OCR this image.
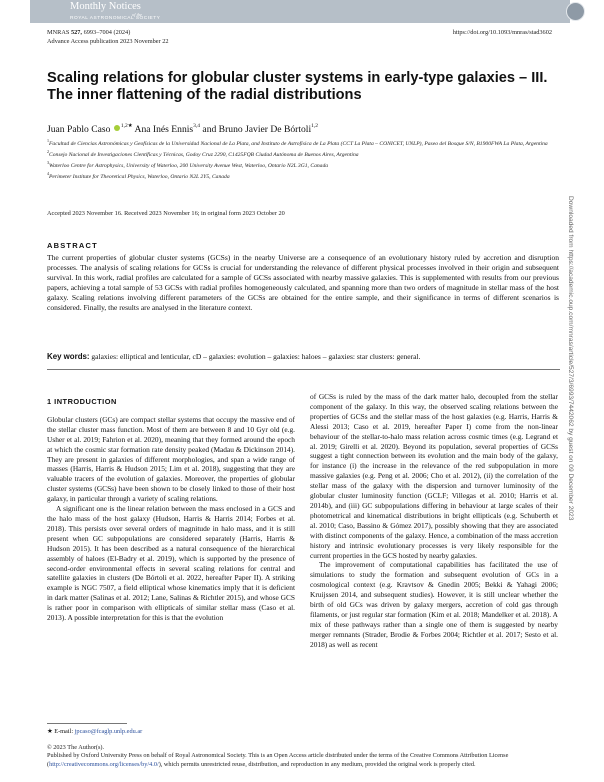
Monthly Notices
of the
ROYAL ASTRONOMICAL SOCIETY
Royal Astronomical Society
MNRAS 527, 6993–7004 (2024)	https://doi.org/10.1093/mnras/stad3602
Advance Access publication 2023 November 22
Scaling relations for globular cluster systems in early-type galaxies – III. The inner flattening of the radial distributions
Juan Pablo Caso $^{1,2★}$ Ana Inés Ennis$^{3,4}$ and Bruno Javier De Bórtoli$^{1,2}$
$^1$Facultad de Ciencias Astronómicas y Geofísicas de la Universidad Nacional de La Plata, and Instituto de Astrofísica de La Plata (CCT La Plata – CONICET, UNLP), Paseo del Bosque S/N, B1900FWA La Plata, Argentina
$^2$Consejo Nacional de Investigaciones Científicas y Técnicas, Godoy Cruz 2290, C1425FQB Ciudad Autónoma de Buenos Aires, Argentina
$^3$Waterloo Centre for Astrophysics, University of Waterloo, 200 University Avenue West, Waterloo, Ontario N2L 3G1, Canada
$^4$Perimeter Institute for Theoretical Physics, Waterloo, Ontario N2L 2Y5, Canada
Accepted 2023 November 16. Received 2023 November 16; in original form 2023 October 20
ABSTRACT

The current properties of globular cluster systems (GCSs) in the nearby Universe are a consequence of an evolutionary history ruled by accretion and disruption processes. The analysis of scaling relations for GCSs is crucial for understanding the relevance of different physical processes involved in their origin and subsequent survival. In this work, radial profiles are calculated for a sample of GCSs associated with nearby massive galaxies. This is supplemented with results from our previous papers, achieving a total sample of 53 GCSs with radial profiles homogeneously calculated, and spanning more than two orders of magnitude in stellar mass of the host galaxy. Scaling relations involving different parameters of the GCSs are obtained for the entire sample, and their significance in terms of different scenarios is considered. Finally, the results are analysed in the literature context.

Key words: galaxies: elliptical and lenticular, cD – galaxies: evolution – galaxies: haloes – galaxies: star clusters: general.
1 INTRODUCTION

Globular clusters (GCs) are compact stellar systems that occupy the massive end of the stellar cluster mass function. Most of them are between 8 and 10 Gyr old (e.g. Usher et al. 2019; Fahrion et al. 2020), meaning that they formed around the epoch at which the cosmic star formation rate density peaked (Madau & Dickinson 2014). They are present in galaxies of different morphologies, and span a wide range of masses (Harris, Harris & Hudson 2015; Lim et al. 2018), suggesting that they are valuable tracers of the evolution of galaxies. Moreover, the properties of globular cluster systems (GCSs) have been shown to be closely linked to those of their host galaxy, in particular through a variety of scaling relations.

A significant one is the linear relation between the mass enclosed in a GCS and the halo mass of the host galaxy (Hudson, Harris & Harris 2014; Forbes et al. 2018). This persists over several orders of magnitude in halo mass, and it is still present when GC subpopulations are considered separately (Harris, Harris & Hudson 2015). It has been described as a natural consequence of the hierarchical assembly of haloes (El-Badry et al. 2019), which is supported by the presence of second-order environmental effects in several scaling relations for central and satellite galaxies in clusters (De Bórtoli et al. 2022, hereafter Paper II). A striking example is NGC 7507, a field elliptical whose kinematics imply that it is deficient in dark matter (Salinas et al. 2012; Lane, Salinas & Richtler 2015), and whose GCS is rather poor in comparison with ellipticals of similar stellar mass (Caso et al. 2013). A possible interpretation for this is that the evolution

of GCSs is ruled by the mass of the dark matter halo, decoupled from the stellar component of the galaxy. In this way, the observed scaling relations between the properties of GCSs and the stellar mass of the host galaxies (e.g. Harris, Harris & Alessi 2013; Caso et al. 2019, hereafter Paper I) come from the non-linear behaviour of the stellar-to-halo mass relation across cosmic times (e.g. Legrand et al. 2019; Girelli et al. 2020). Beyond its population, several properties of GCSs suggest a tight connection between its evolution and the main body of the galaxy, for instance (i) the increase in the relevance of the red subpopulation in more massive galaxies (e.g. Peng et al. 2006; Cho et al. 2012), (ii) the correlation of the stellar mass of the galaxy with the dispersion and turnover luminosity of the globular cluster luminosity function (GCLF; Villegas et al. 2010; Harris et al. 2014b), and (iii) GC subpopulations differing in behaviour at large scales of their photometrical and kinematical distributions in bright ellipticals (e.g. Schuberth et al. 2010; Caso, Bassino & Gómez 2017), possibly showing that they are associated with distinct components of the galaxy. Hence, a combination of the mass accretion history and intrinsic evolutionary processes is very likely responsible for the current properties in the GCS hosted by nearby galaxies.

The improvement of computational capabilities has facilitated the use of simulations to study the formation and subsequent evolution of GCs in a cosmological context (e.g. Kravtsov & Gnedin 2005; Bekki & Yahagi 2006; Kruijssen 2014, and subsequent studies). However, it is still unclear whether the birth of old GCs was driven by galaxy mergers, accretion of cold gas through filaments, or just regular star formation (Kim et al. 2018; Mandelker et al. 2018). A mix of these pathways rather than a single one of them is suggested by nearby merger remnants (Strader, Brodie & Forbes 2004; Richtler et al. 2017; Sesto et al. 2018) as well as recent

★ E-mail: jpcaso@fcaglp.unlp.edu.ar
© 2023 The Author(s).
Published by Oxford University Press on behalf of Royal Astronomical Society. This is an Open Access article distributed under the terms of the Creative Commons Attribution License (http://creativecommons.org/licenses/by/4.0/), which permits unrestricted reuse, distribution, and reproduction in any medium, provided the original work is properly cited.
Downloaded from https://academic.oup.com/mnras/article/527/3/6993/7442062 by guest on 09 December 2023
